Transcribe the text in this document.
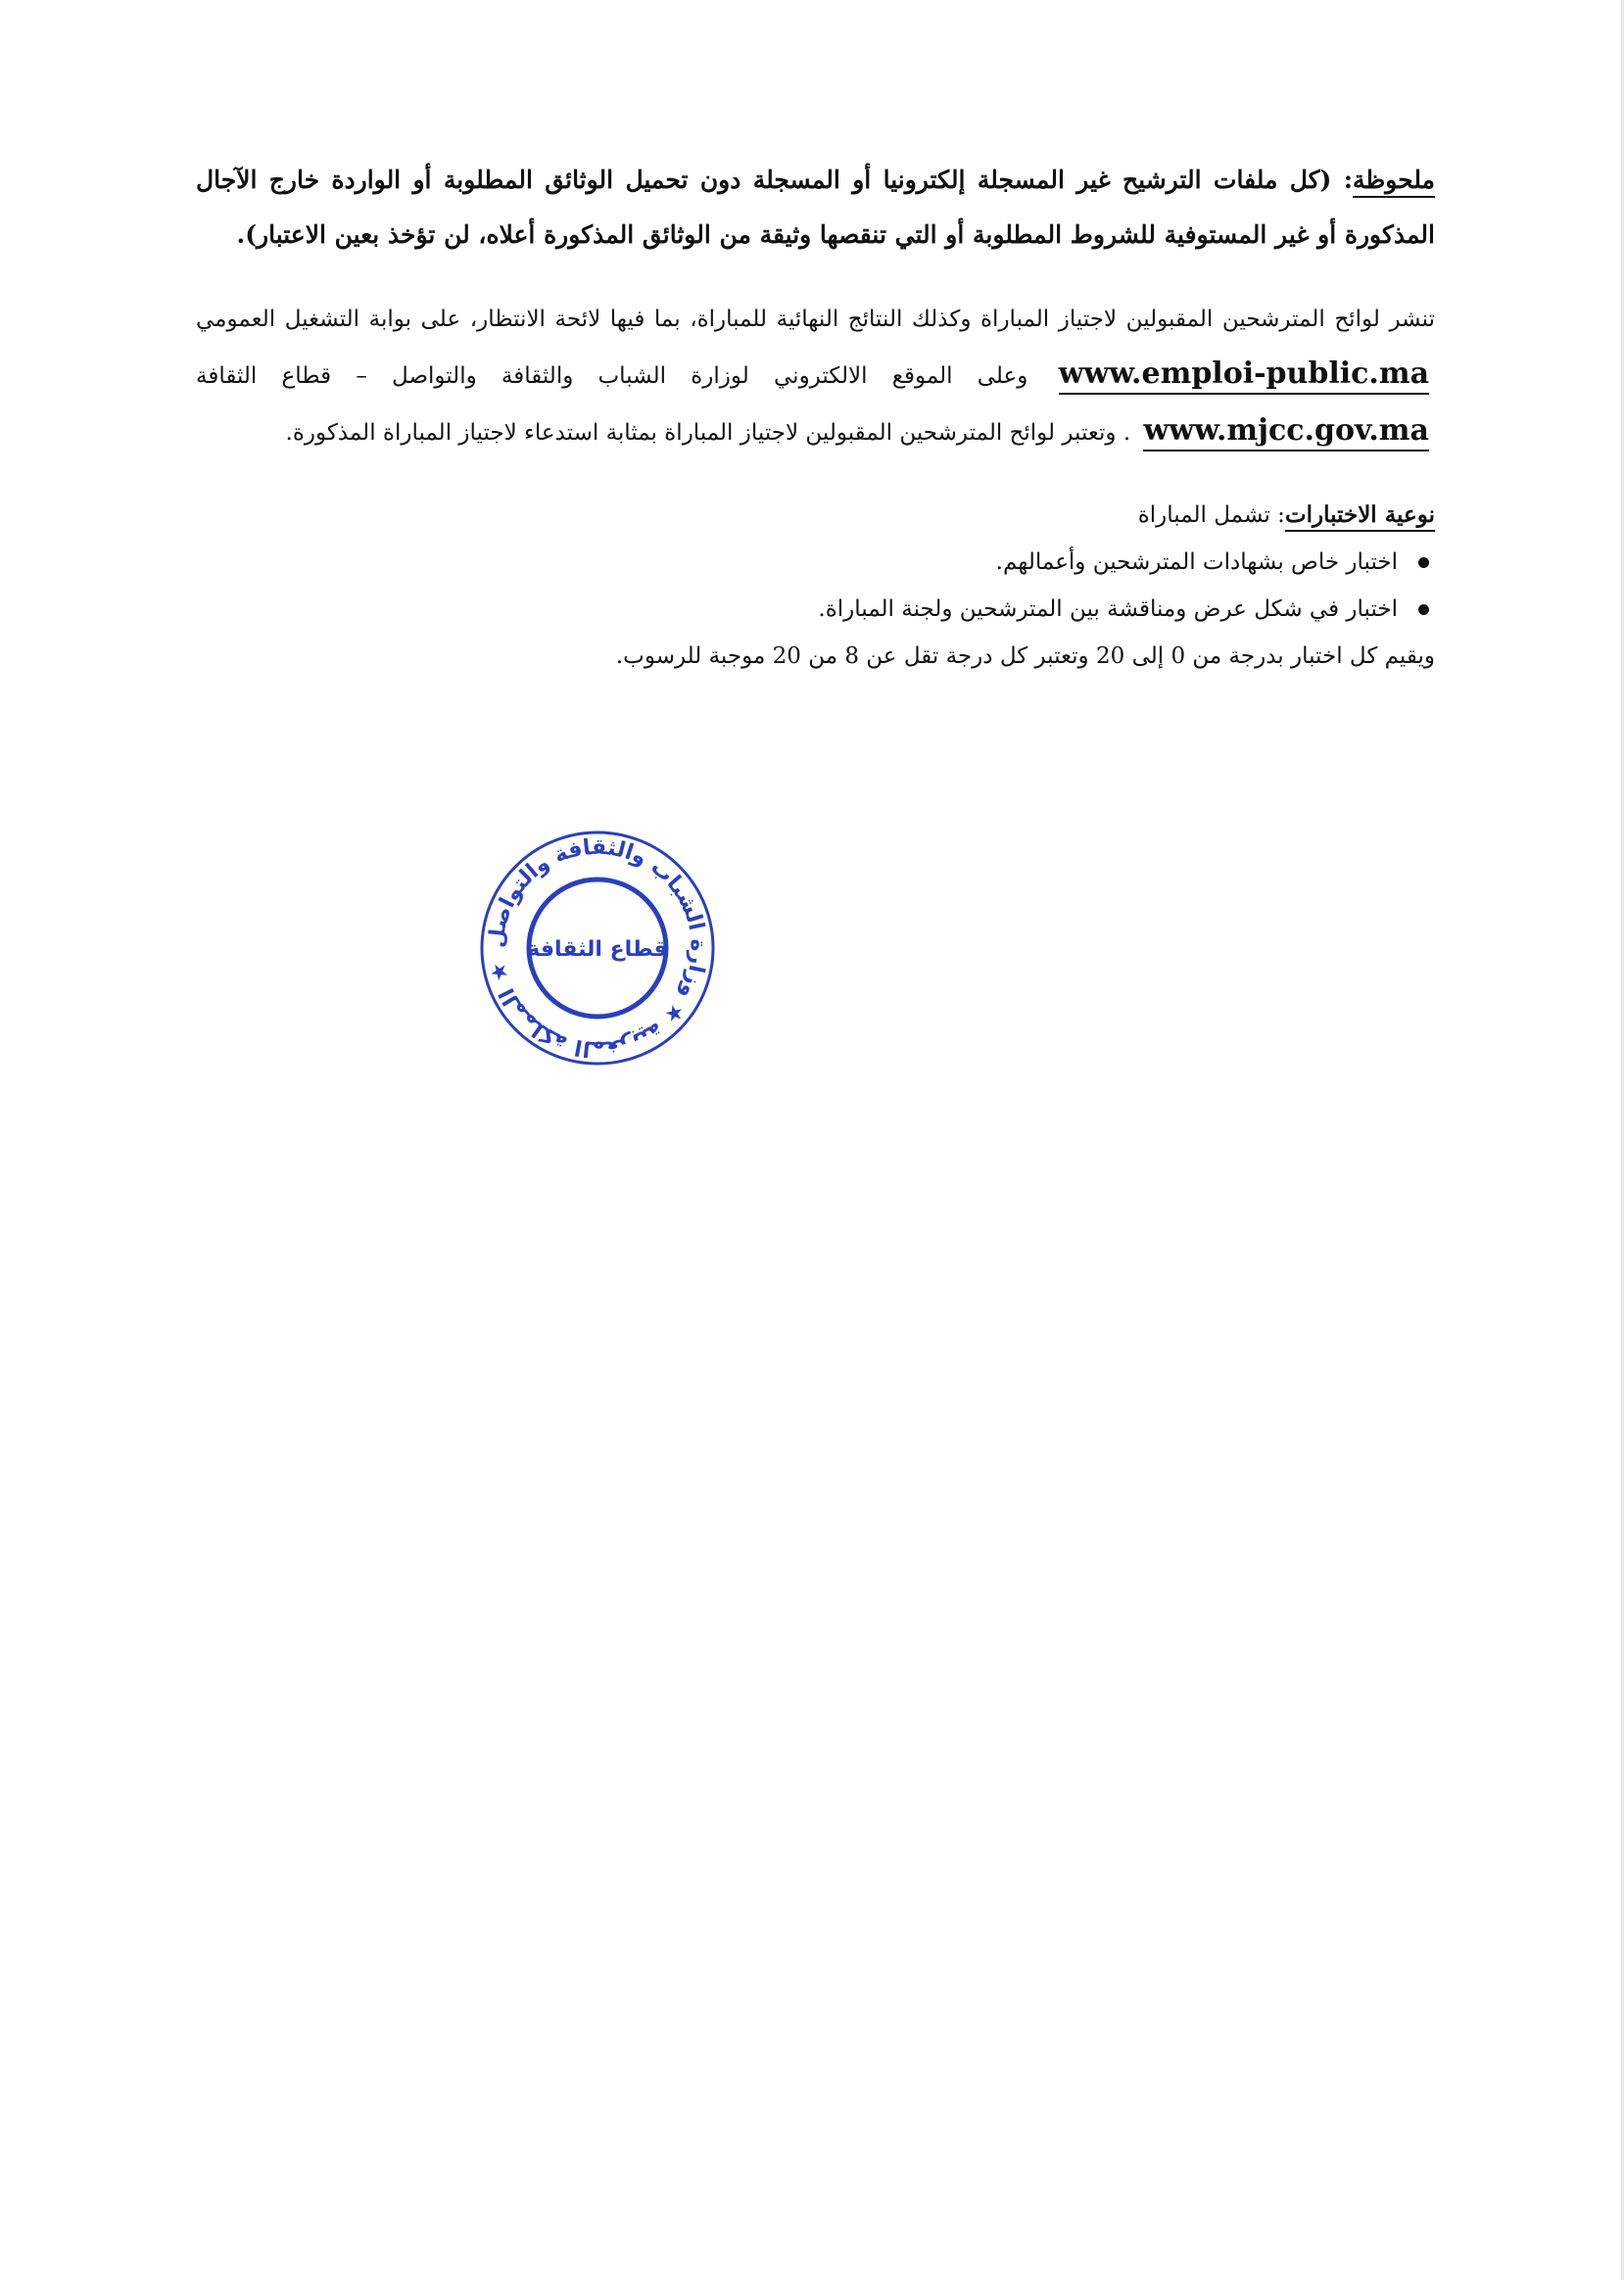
ملحوظة: (كل ملفات الترشيح غير المسجلة إلكترونيا أو المسجلة دون تحميل الوثائق المطلوبة أو الواردة خارج الآجال المذكورة أو غير المستوفية للشروط المطلوبة أو التي تنقصها وثيقة من الوثائق المذكورة أعلاه، لن تؤخذ بعين الاعتبار).

تنشر لوائح المترشحين المقبولين لاجتياز المباراة وكذلك النتائج النهائية للمباراة، بما فيها لائحة الانتظار، على بوابة التشغيل العمومي www.emploi-public.ma وعلى الموقع الالكتروني لوزارة الشباب والثقافة والتواصل – قطاع الثقافة www.mjcc.gov.ma . وتعتبر لوائح المترشحين المقبولين لاجتياز المباراة بمثابة استدعاء لاجتياز المباراة المذكورة.

نوعية الاختبارات: تشمل المباراة
اختبار خاص بشهادات المترشحين وأعمالهم.
اختبار في شكل عرض ومناقشة بين المترشحين ولجنة المباراة.
ويقيم كل اختبار بدرجة من 0 إلى 20 وتعتبر كل درجة تقل عن 8 من 20 موجبة للرسوب.
المملكة المغربية ★ وزارة الشباب والثقافة والتواصل ★
قطاع الثقافة
